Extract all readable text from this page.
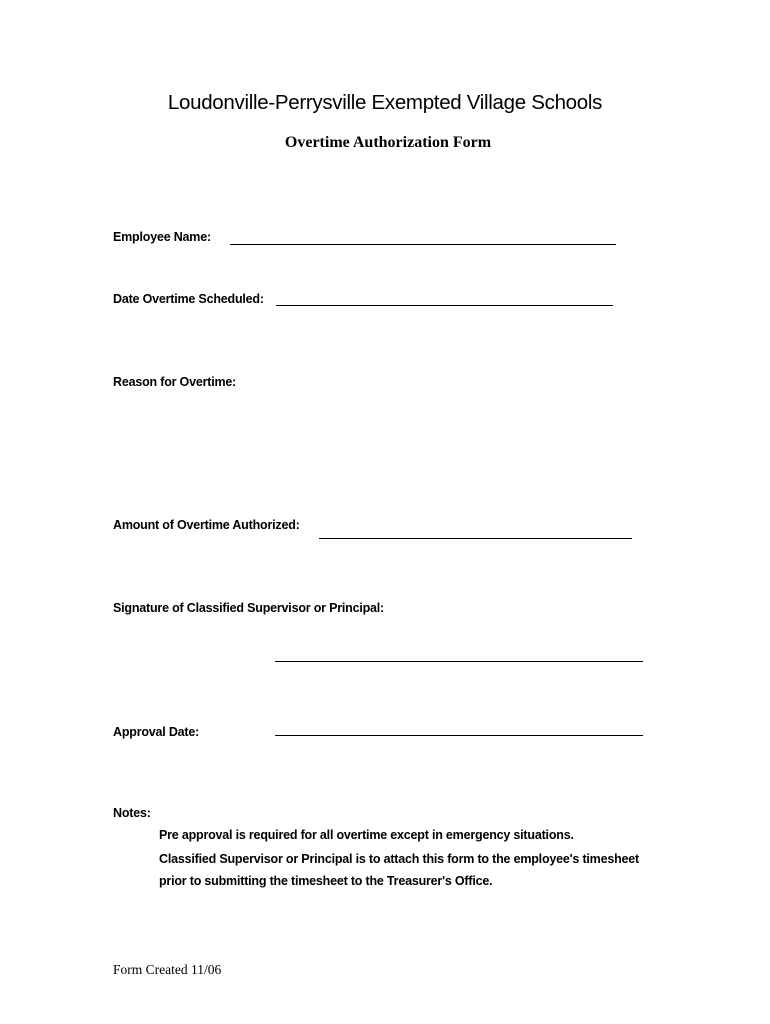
Loudonville-Perrysville Exempted Village Schools
Overtime Authorization Form
Employee Name:
Date Overtime Scheduled:
Reason for Overtime:
Amount of Overtime Authorized:
Signature of Classified Supervisor or Principal:
Approval Date:
Notes:
Pre approval is required for all overtime except in emergency situations.
Classified Supervisor or Principal is to attach this form to the employee's timesheet prior to submitting the timesheet to the Treasurer's Office.
Form Created 11/06
